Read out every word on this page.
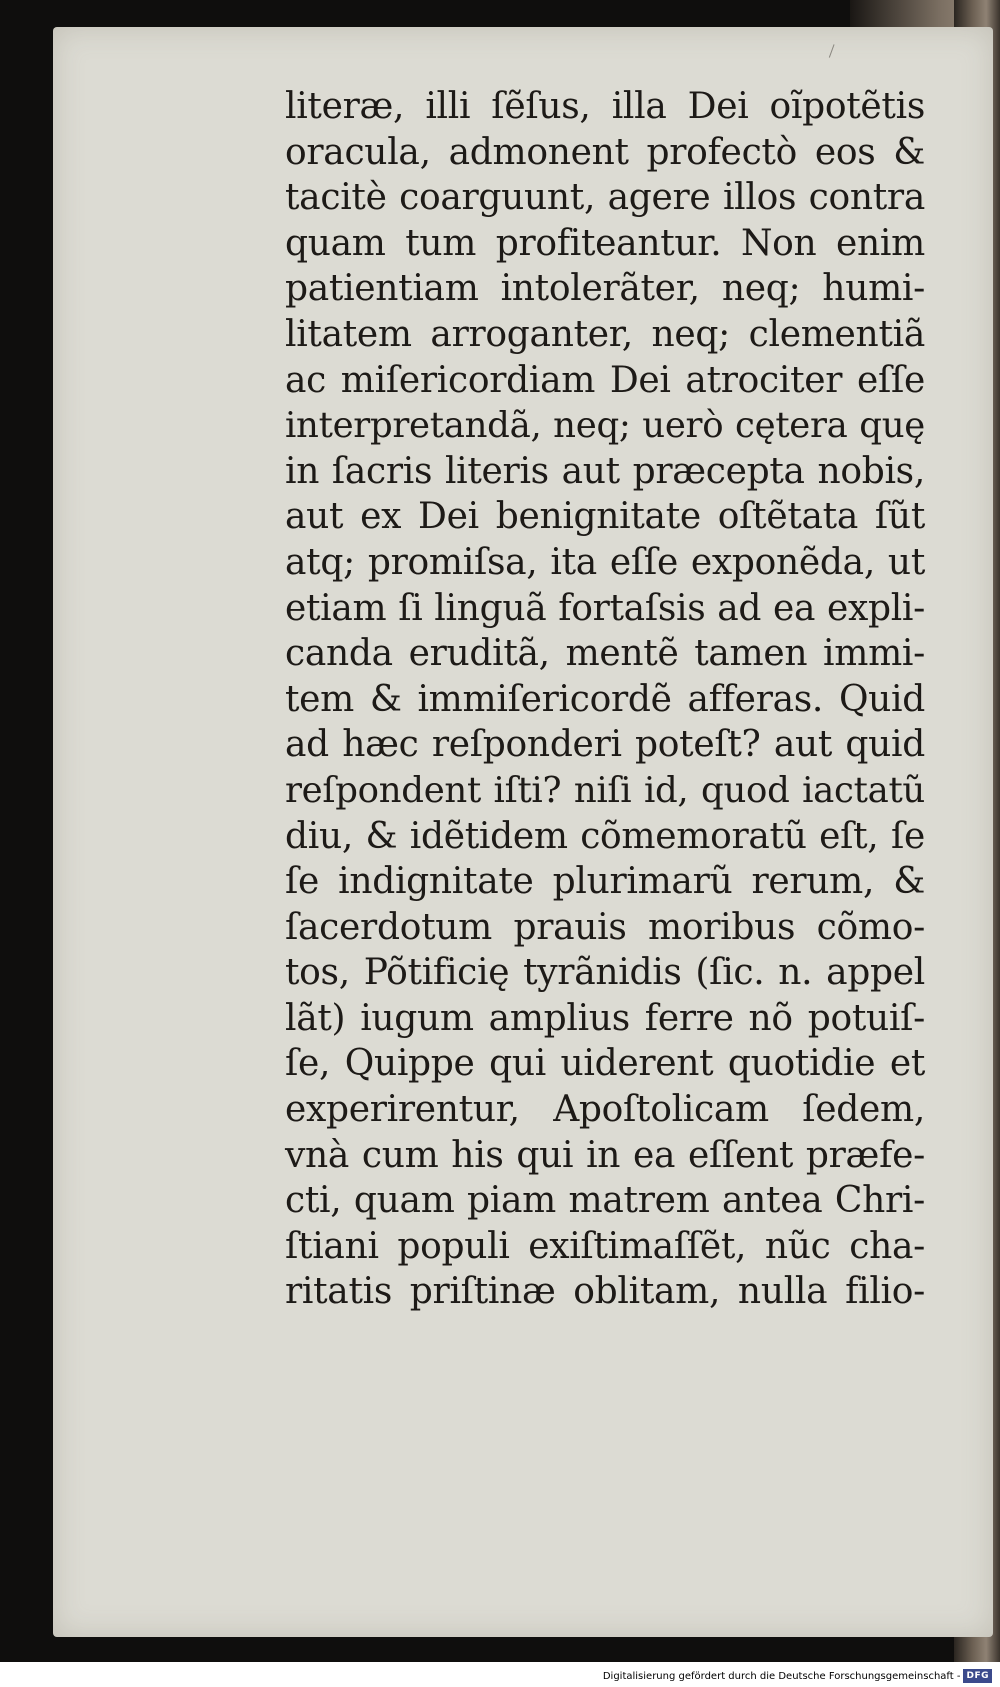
literæ, illi ſẽſus, illa Dei oĩpotẽtis
oracula, admonent profectò eos &
tacitè coarguunt, agere illos contra
quam tum profiteantur. Non enim
patientiam intolerãter, neq; humi-
litatem arroganter, neq; clementiã
ac miſericordiam Dei atrociter eſſe
interpretandã, neq; uerò cętera quę
in ſacris literis aut præcepta nobis,
aut ex Dei benignitate oſtẽtata ſũt
atq; promiſsa, ita eſſe exponẽda, ut
etiam ſi linguã fortaſsis ad ea expli-
canda eruditã, mentẽ tamen immi-
tem & immiſericordẽ afferas. Quid
ad hæc reſponderi poteſt? aut quid
reſpondent iſti? niſi id, quod iactatũ
diu, & idẽtidem cõmemoratũ eſt, ſe
ſe indignitate plurimarũ rerum, &
ſacerdotum prauis moribus cõmo-
tos, Põtificię tyrãnidis (ſic. n. appel
lãt) iugum amplius ferre nõ potuiſ-
ſe, Quippe qui uiderent quotidie et
experirentur, Apoſtolicam ſedem,
vnà cum his qui in ea eſſent præfe-
cti, quam piam matrem antea Chri-
ſtiani populi exiſtimaſſẽt, nũc cha-
ritatis priſtinæ oblitam, nulla filio-
Digitalisierung gefördert durch die Deutsche Forschungsgemeinschaft - DFG
